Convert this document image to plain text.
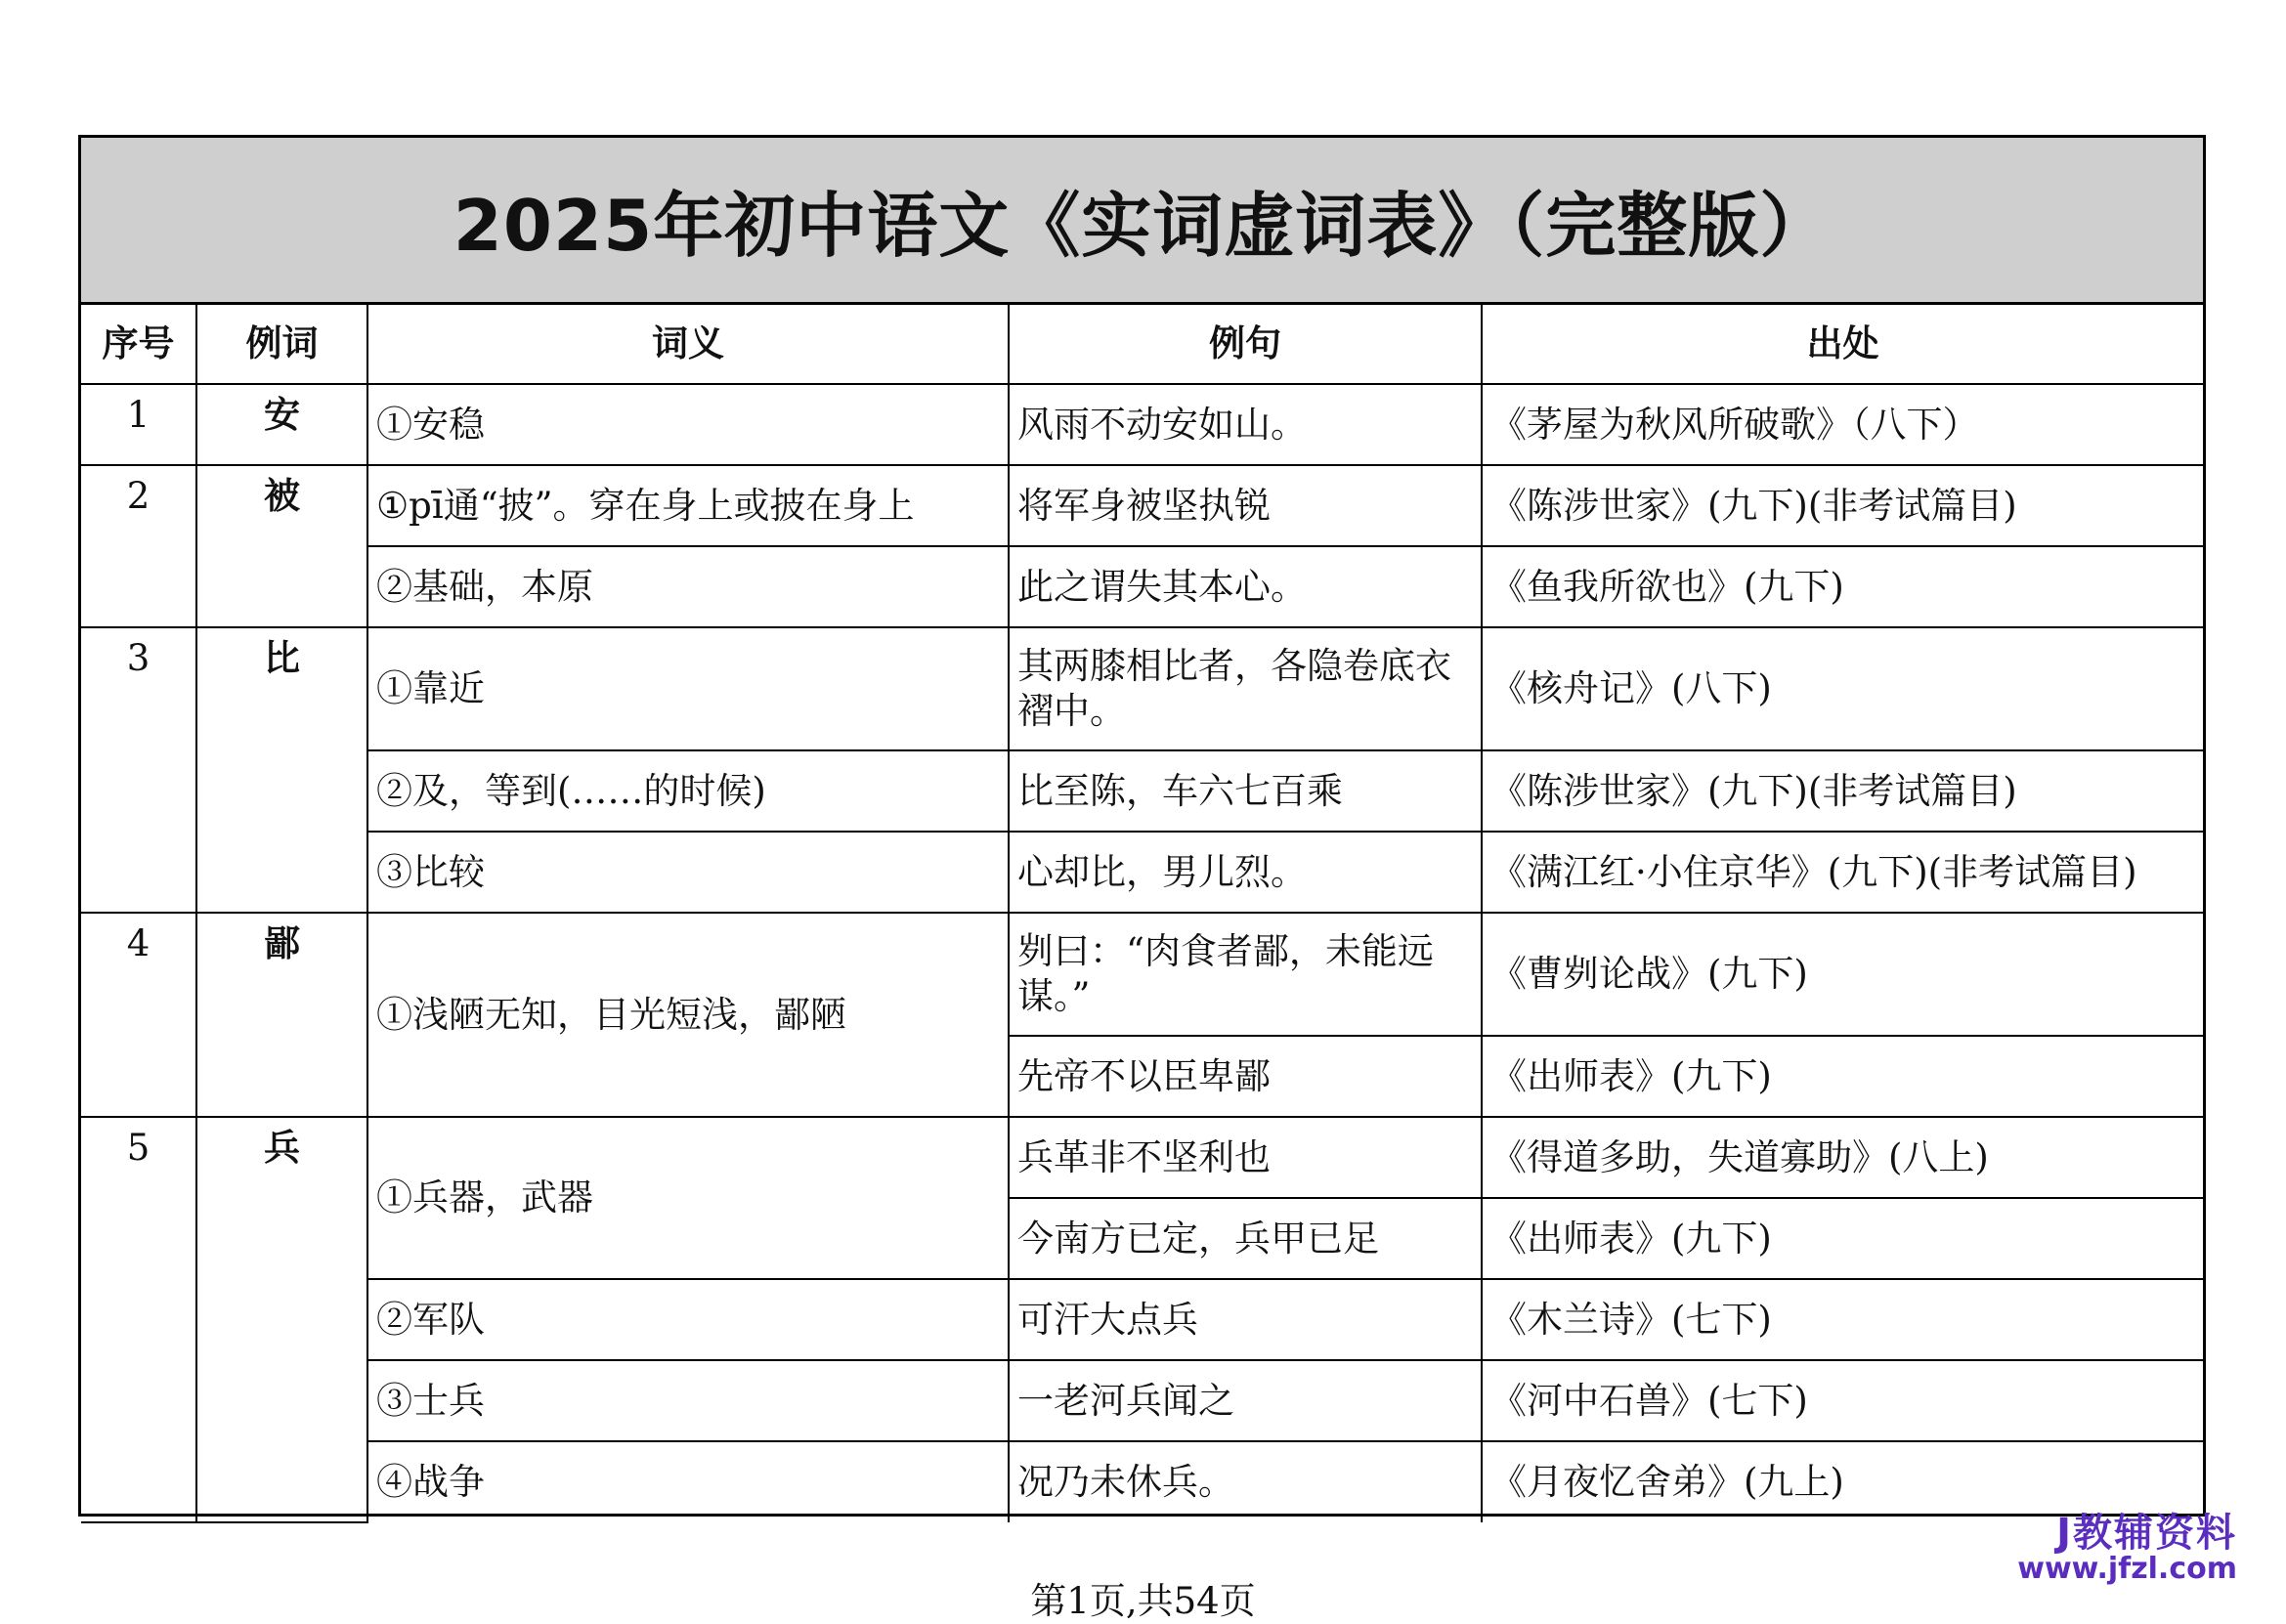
2025年初中语文《实词虚词表》（完整版）
序号	例词	词义	例句	出处
1	安	①安稳	风雨不动安如山。	《茅屋为秋风所破歌》（八下）
2	被	①pī通“披”。穿在身上或披在身上	将军身被坚执锐	《陈涉世家》(九下)(非考试篇目)
		②基础，本原	此之谓失其本心。	《鱼我所欲也》(九下)
3	比	①靠近	其两膝相比者，各隐卷底衣褶中。	《核舟记》(八下)
		②及，等到(……的时候)	比至陈，车六七百乘	《陈涉世家》(九下)(非考试篇目)
		③比较	心却比，男儿烈。	《满江红·小住京华》(九下)(非考试篇目)
4	鄙	①浅陋无知，目光短浅，鄙陋	刿曰：“肉食者鄙，未能远谋。”	《曹刿论战》(九下)
			先帝不以臣卑鄙	《出师表》(九下)
5	兵	①兵器，武器	兵革非不坚利也	《得道多助，失道寡助》(八上)
			今南方已定，兵甲已足	《出师表》(九下)
		②军队	可汗大点兵	《木兰诗》(七下)
		③士兵	一老河兵闻之	《河中石兽》(七下)
		④战争	况乃未休兵。	《月夜忆舍弟》(九上)
第1页,共54页
J教辅资料
www.jfzl.com
